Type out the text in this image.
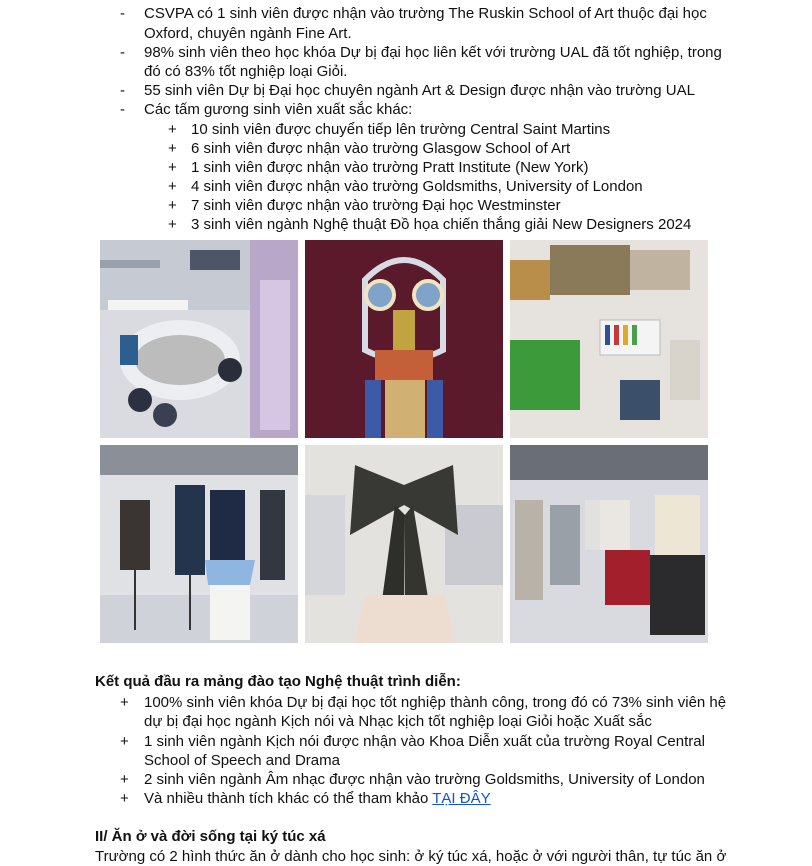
- CSVPA có 1 sinh viên được nhận vào trường The Ruskin School of Art thuộc đại học
Oxford, chuyên ngành Fine Art.
- 98% sinh viên theo học khóa Dự bị đại học liên kết với trường UAL đã tốt nghiệp, trong
đó có 83% tốt nghiệp loại Giỏi.
- 55 sinh viên Dự bị Đại học chuyên ngành Art & Design được nhận vào trường UAL
- Các tấm gương sinh viên xuất sắc khác:
+ 10 sinh viên được chuyển tiếp lên trường Central Saint Martins
+ 6 sinh viên được nhận vào trường Glasgow School of Art
+ 1 sinh viên được nhận vào trường Pratt Institute (New York)
+ 4 sinh viên được nhận vào trường Goldsmiths, University of London
+ 7 sinh viên được nhận vào trường Đại học Westminster
+ 3 sinh viên ngành Nghệ thuật Đồ họa chiến thắng giải New Designers 2024
Kết quả đầu ra mảng đào tạo Nghệ thuật trình diễn:
+ 100% sinh viên khóa Dự bị đại học tốt nghiệp thành công, trong đó có 73% sinh viên hệ
dự bị đại học ngành Kịch nói và Nhạc kịch tốt nghiệp loại Giỏi hoặc Xuất sắc
+ 1 sinh viên ngành Kịch nói được nhận vào Khoa Diễn xuất của trường Royal Central
School of Speech and Drama
+ 2 sinh viên ngành Âm nhạc được nhận vào trường Goldsmiths, University of London
+ Và nhiều thành tích khác có thể tham khảo TẠI ĐÂY
II/ Ăn ở và đời sống tại ký túc xá
Trường có 2 hình thức ăn ở dành cho học sinh: ở ký túc xá, hoặc ở với người thân, tự túc ăn ở
